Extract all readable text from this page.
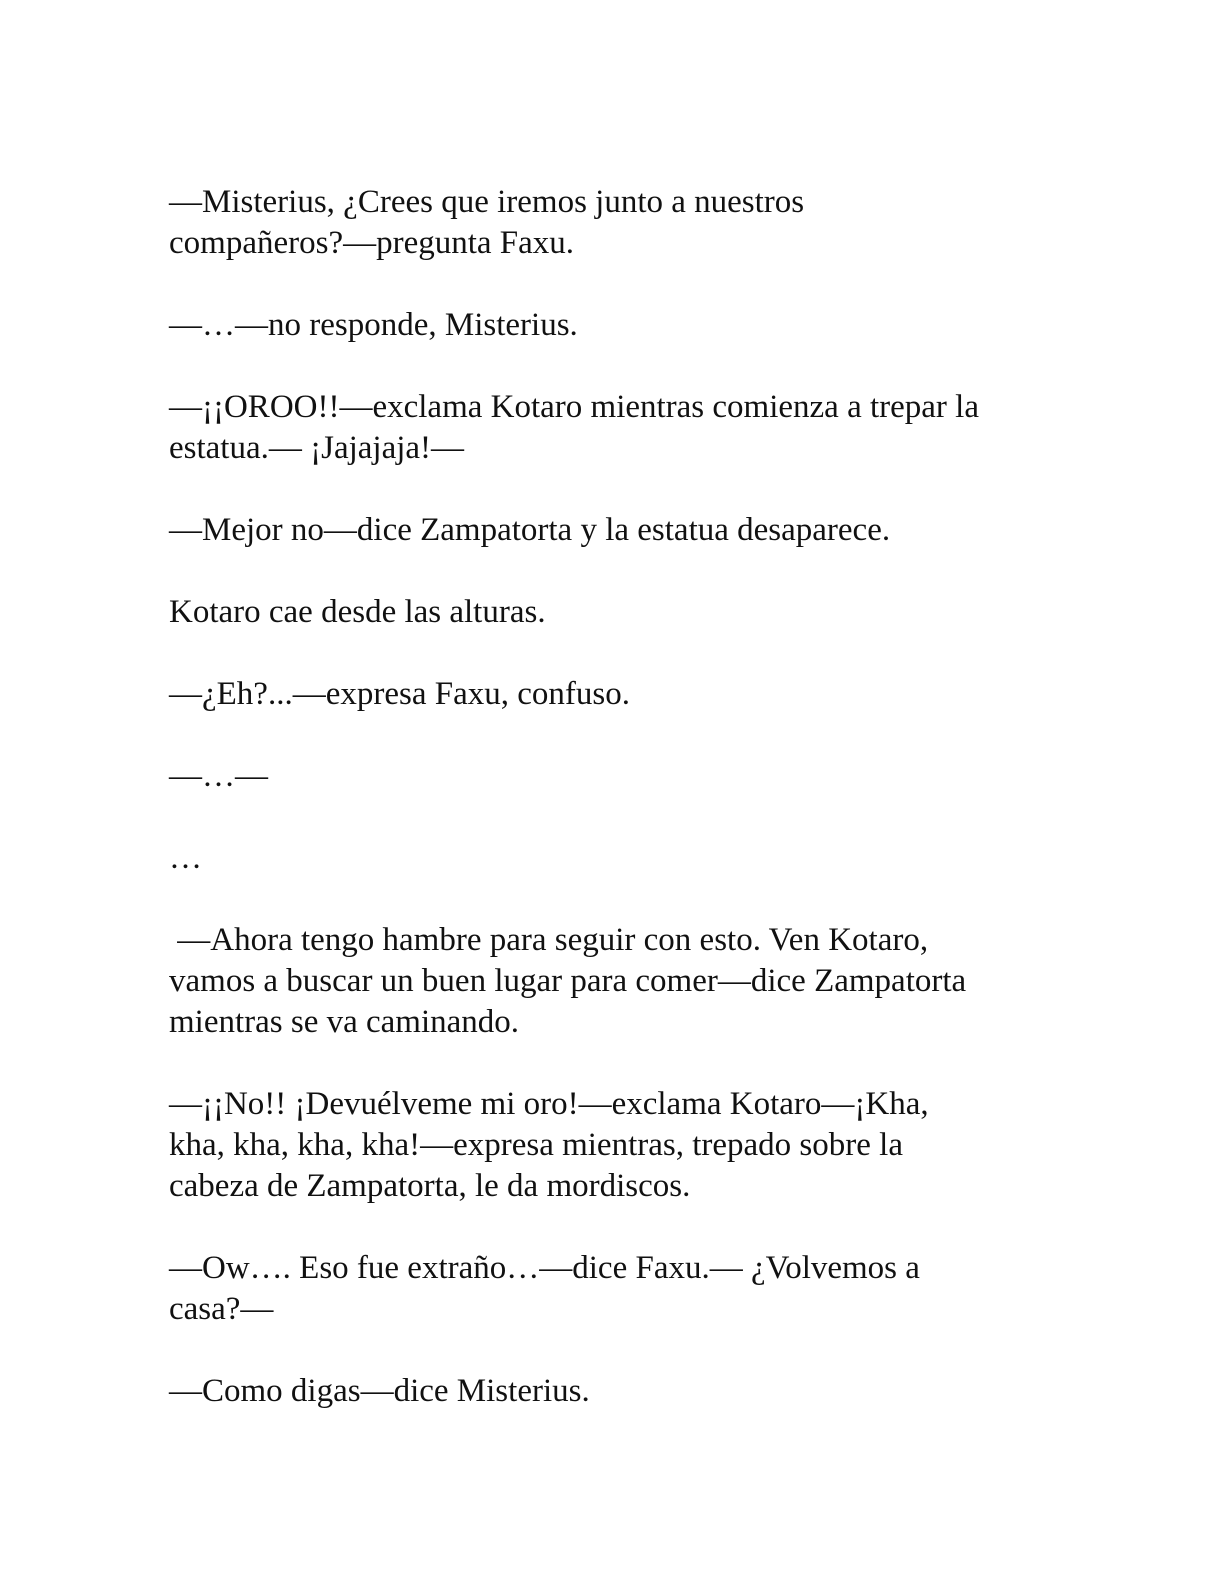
—Misterius, ¿Crees que iremos junto a nuestros
compañeros?—pregunta Faxu.

—…—no responde, Misterius.

—¡¡OROO!!—exclama Kotaro mientras comienza a trepar la
estatua.— ¡Jajajaja!—

—Mejor no—dice Zampatorta y la estatua desaparece.

Kotaro cae desde las alturas.

—¿Eh?...—expresa Faxu, confuso.

—…—

…

—Ahora tengo hambre para seguir con esto. Ven Kotaro,
vamos a buscar un buen lugar para comer—dice Zampatorta
mientras se va caminando.

—¡¡No!! ¡Devuélveme mi oro!—exclama Kotaro—¡Kha,
kha, kha, kha, kha!—expresa mientras, trepado sobre la
cabeza de Zampatorta, le da mordiscos.

—Ow…. Eso fue extraño…—dice Faxu.— ¿Volvemos a
casa?—

—Como digas—dice Misterius.
